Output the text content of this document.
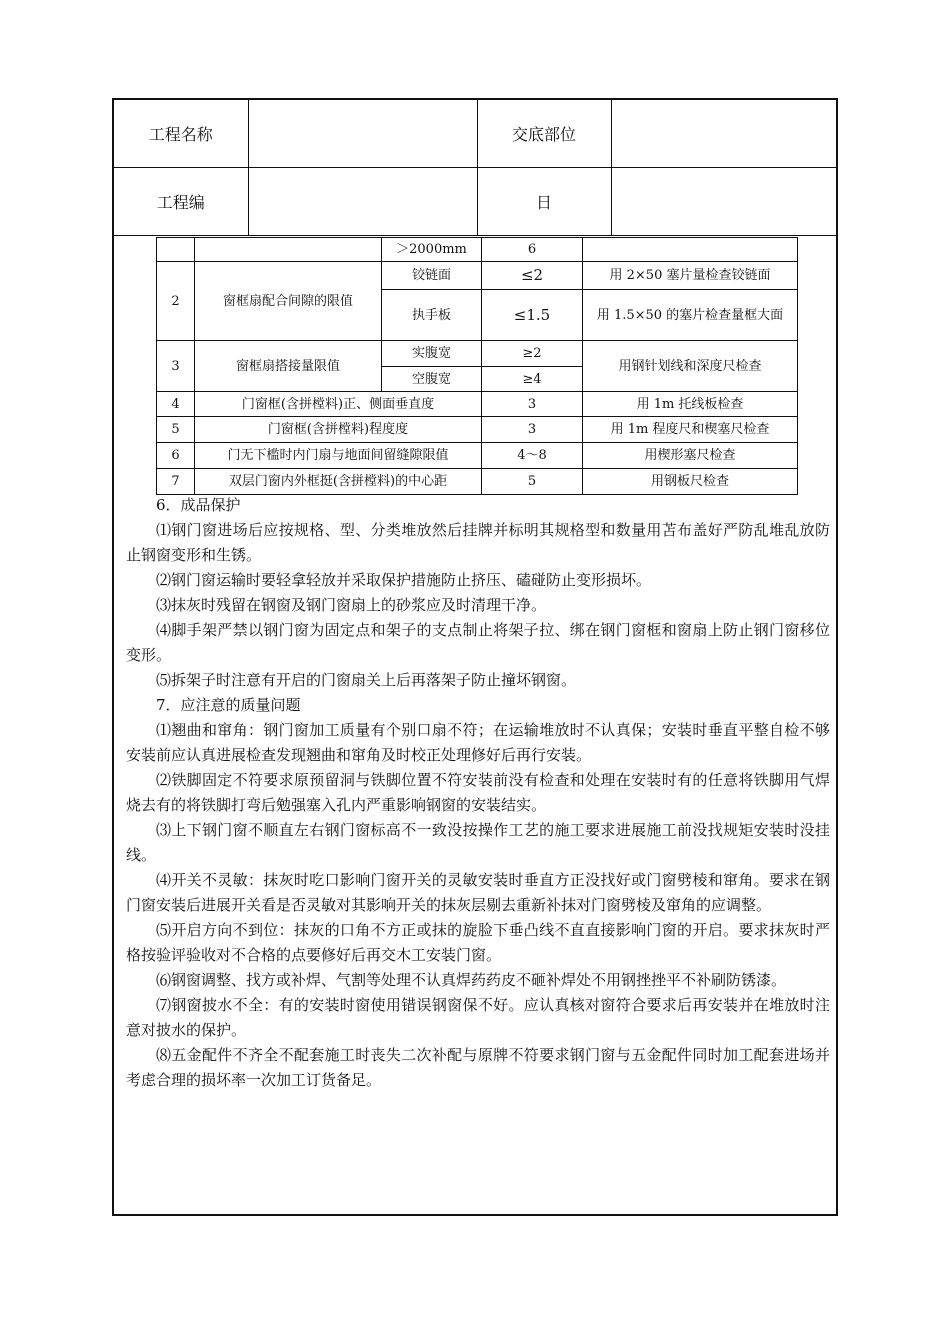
工程名称		交底部位	
工程编		日	
		＞2000mm	6	
2	窗框扇配合间隙的限值	铰链面	≤2	用 2×50 塞片量检查铰链面
		执手板	≤1.5	用 1.5×50 的塞片检查量框大面
3	窗框扇搭接量限值	实腹宽	≥2	用钢针划线和深度尺检查
		空腹宽	≥4	
4	门窗框(含拼樘料)正、侧面垂直度		3	用 1m 托线板检查
5	门窗框(含拼樘料)程度度		3	用 1m 程度尺和楔塞尺检查
6	门无下槛时内门扇与地面间留缝隙限值		4～8	用楔形塞尺检查
7	双层门窗内外框挺(含拼樘料)的中心距		5	用钢板尺检查

6．成品保护

⑴钢门窗进场后应按规格、型、分类堆放然后挂牌并标明其规格型和数量用苫布盖好严防乱堆乱放防止钢窗变形和生锈。

⑵钢门窗运输时要轻拿轻放并采取保护措施防止挤压、磕碰防止变形损坏。

⑶抹灰时残留在钢窗及钢门窗扇上的砂浆应及时清理干净。

⑷脚手架严禁以钢门窗为固定点和架子的支点制止将架子拉、绑在钢门窗框和窗扇上防止钢门窗移位变形。

⑸拆架子时注意有开启的门窗扇关上后再落架子防止撞坏钢窗。

7．应注意的质量问题

⑴翘曲和窜角：钢门窗加工质量有个别口扇不符；在运输堆放时不认真保；安装时垂直平整自检不够安装前应认真进展检查发现翘曲和窜角及时校正处理修好后再行安装。

⑵铁脚固定不符要求原预留洞与铁脚位置不符安装前没有检查和处理在安装时有的任意将铁脚用气焊烧去有的将铁脚打弯后勉强塞入孔内严重影响钢窗的安装结实。

⑶上下钢门窗不顺直左右钢门窗标高不一致没按操作工艺的施工要求进展施工前没找规矩安装时没挂线。

⑷开关不灵敏：抹灰时吃口影响门窗开关的灵敏安装时垂直方正没找好或门窗劈棱和窜角。要求在钢门窗安装后进展开关看是否灵敏对其影响开关的抹灰层剔去重新补抹对门窗劈棱及窜角的应调整。

⑸开启方向不到位：抹灰的口角不方正或抹的旋脸下垂凸线不直直接影响门窗的开启。要求抹灰时严格按验评验收对不合格的点要修好后再交木工安装门窗。

⑹钢窗调整、找方或补焊、气割等处理不认真焊药药皮不砸补焊处不用钢挫挫平不补刷防锈漆。

⑺钢窗披水不全：有的安装时窗使用错误钢窗保不好。应认真核对窗符合要求后再安装并在堆放时注意对披水的保护。

⑻五金配件不齐全不配套施工时丧失二次补配与原牌不符要求钢门窗与五金配件同时加工配套进场并考虑合理的损坏率一次加工订货备足。
